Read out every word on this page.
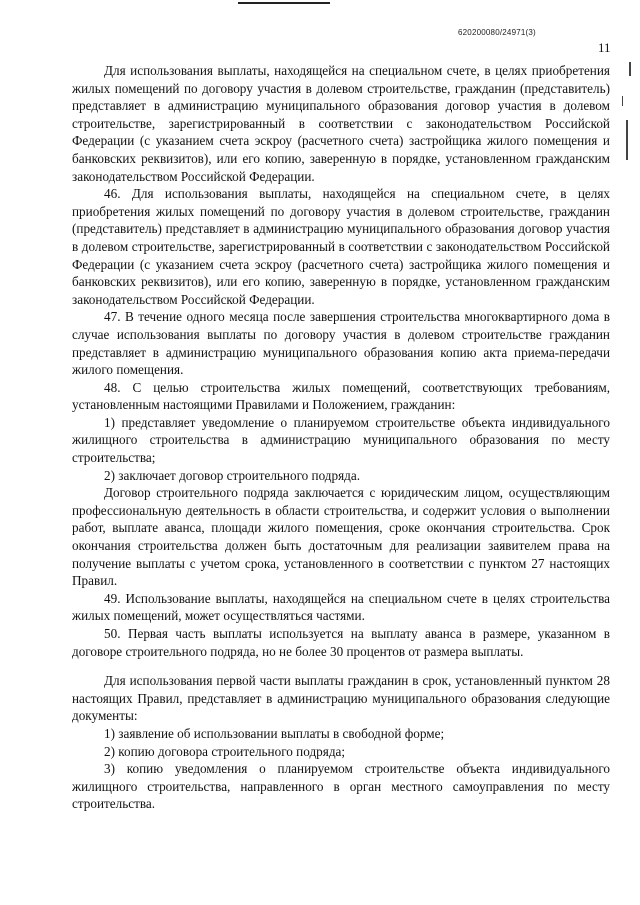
620200080/24971(3)
11

Для использования выплаты, находящейся на специальном счете, в целях приобретения жилых помещений по договору участия в долевом строительстве, гражданин (представитель) представляет в администрацию муниципального образования договор участия в долевом строительстве, зарегистрированный в соответствии с законодательством Российской Федерации (с указанием счета эскроу (расчетного счета) застройщика жилого помещения и банковских реквизитов), или его копию, заверенную в порядке, установленном гражданским законодательством Российской Федерации.

46. Для использования выплаты, находящейся на специальном счете, в целях приобретения жилых помещений по договору участия в долевом строительстве, гражданин (представитель) представляет в администрацию муниципального образования договор участия в долевом строительстве, зарегистрированный в соответствии с законодательством Российской Федерации (с указанием счета эскроу (расчетного счета) застройщика жилого помещения и банковских реквизитов), или его копию, заверенную в порядке, установленном гражданским законодательством Российской Федерации.

47. В течение одного месяца после завершения строительства многоквартирного дома в случае использования выплаты по договору участия в долевом строительстве гражданин представляет в администрацию муниципального образования копию акта приема-передачи жилого помещения.

48. С целью строительства жилых помещений, соответствующих требованиям, установленным настоящими Правилами и Положением, гражданин:

1) представляет уведомление о планируемом строительстве объекта индивидуального жилищного строительства в администрацию муниципального образования по месту строительства;

2) заключает договор строительного подряда.

Договор строительного подряда заключается с юридическим лицом, осуществляющим профессиональную деятельность в области строительства, и содержит условия о выполнении работ, выплате аванса, площади жилого помещения, сроке окончания строительства. Срок окончания строительства должен быть достаточным для реализации заявителем права на получение выплаты с учетом срока, установленного в соответствии с пунктом 27 настоящих Правил.

49. Использование выплаты, находящейся на специальном счете в целях строительства жилых помещений, может осуществляться частями.

50. Первая часть выплаты используется на выплату аванса в размере, указанном в договоре строительного подряда, но не более 30 процентов от размера выплаты.

Для использования первой части выплаты гражданин в срок, установленный пунктом 28 настоящих Правил, представляет в администрацию муниципального образования следующие документы:

1) заявление об использовании выплаты в свободной форме;

2) копию договора строительного подряда;

3) копию уведомления о планируемом строительстве объекта индивидуального жилищного строительства, направленного в орган местного самоуправления по месту строительства.
